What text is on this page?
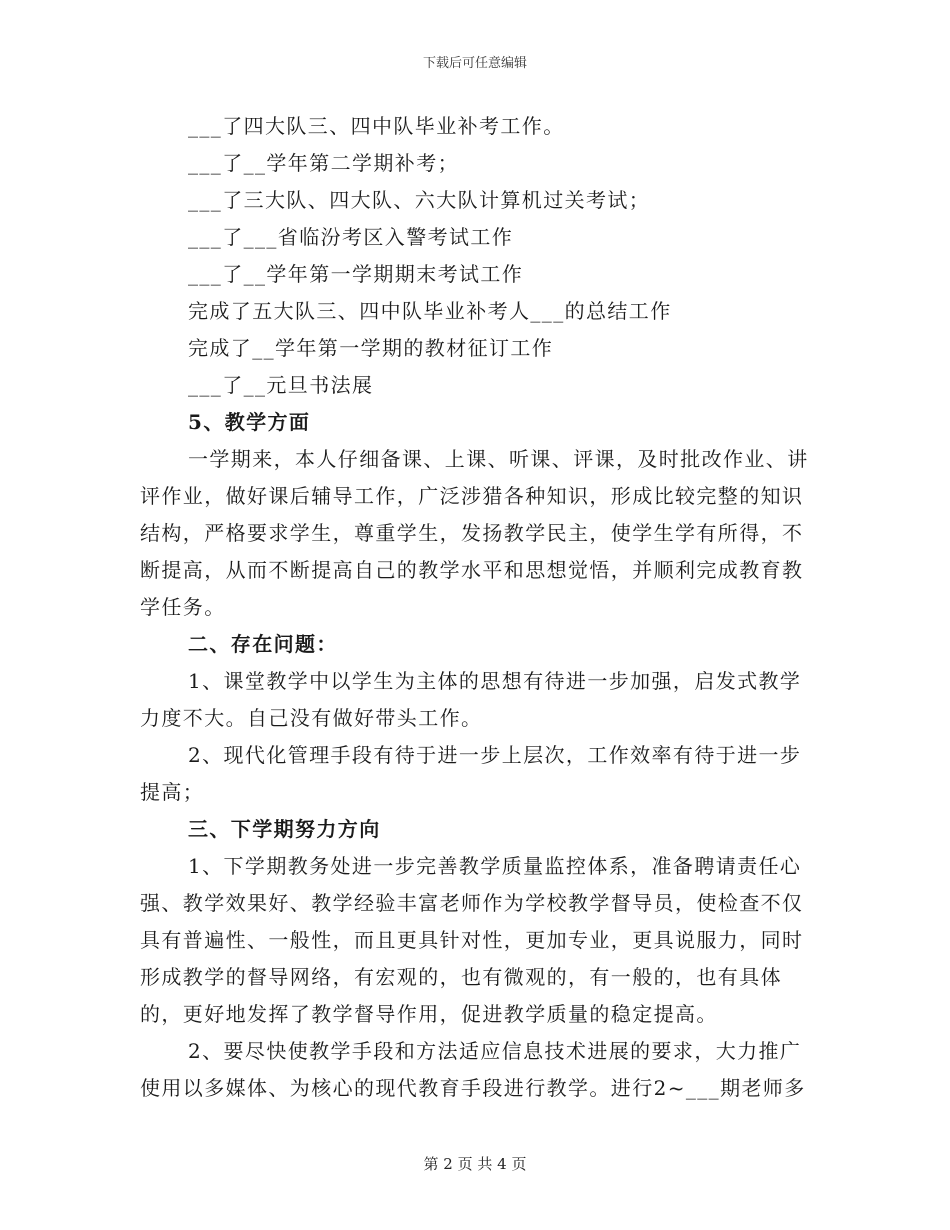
下载后可任意编辑
___了四大队三、四中队毕业补考工作。
___了__学年第二学期补考；
___了三大队、四大队、六大队计算机过关考试；
___了___省临汾考区入警考试工作
___了__学年第一学期期末考试工作
完成了五大队三、四中队毕业补考人___的总结工作
完成了__学年第一学期的教材征订工作
___了__元旦书法展
5、教学方面

一学期来，本人仔细备课、上课、听课、评课，及时批改作业、讲评作业，做好课后辅导工作，广泛涉猎各种知识，形成比较完整的知识结构，严格要求学生，尊重学生，发扬教学民主，使学生学有所得，不断提高，从而不断提高自己的教学水平和思想觉悟，并顺利完成教育教学任务。

二、存在问题：

1、课堂教学中以学生为主体的思想有待进一步加强，启发式教学力度不大。自己没有做好带头工作。

2、现代化管理手段有待于进一步上层次，工作效率有待于进一步提高；

三、下学期努力方向

1、下学期教务处进一步完善教学质量监控体系，准备聘请责任心强、教学效果好、教学经验丰富老师作为学校教学督导员，使检查不仅具有普遍性、一般性，而且更具针对性，更加专业，更具说服力，同时形成教学的督导网络，有宏观的，也有微观的，有一般的，也有具体的，更好地发挥了教学督导作用，促进教学质量的稳定提高。

2、要尽快使教学手段和方法适应信息技术进展的要求，大力推广使用以多媒体、为核心的现代教育手段进行教学。进行2~___期老师多

第 2 页 共 4 页
